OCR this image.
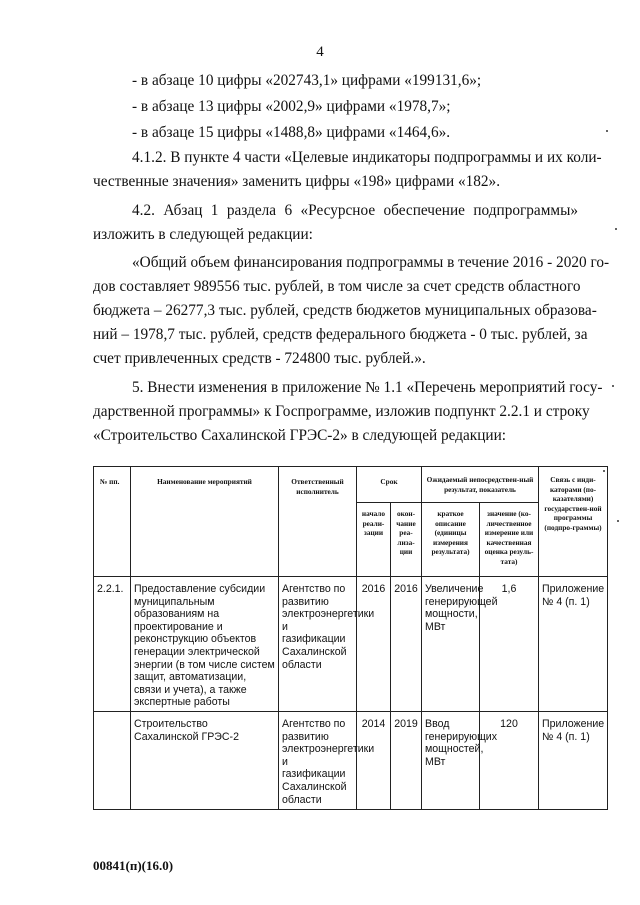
4
- в абзаце 10 цифры «202743,1» цифрами «199131,6»;
- в абзаце 13 цифры «2002,9» цифрами «1978,7»;
- в абзаце 15 цифры «1488,8» цифрами «1464,6».
4.1.2. В пункте 4 части «Целевые индикаторы подпрограммы и их коли-
чественные значения» заменить цифры «198» цифрами «182».
4.2. Абзац 1 раздела 6 «Ресурсное обеспечение подпрограммы»
изложить в следующей редакции:
«Общий объем финансирования подпрограммы в течение 2016 - 2020 го-
дов составляет 989556 тыс. рублей, в том числе за счет средств областного
бюджета – 26277,3 тыс. рублей, средств бюджетов муниципальных образова-
ний – 1978,7 тыс. рублей, средств федерального бюджета - 0 тыс. рублей, за
счет привлеченных средств - 724800 тыс. рублей.».
5. Внести изменения в приложение № 1.1 «Перечень мероприятий госу-
дарственной программы» к Госпрограмме, изложив подпункт 2.2.1 и строку
«Строительство Сахалинской ГРЭС-2» в следующей редакции:
№ пп.	Наименование мероприятий	Ответственный исполнитель	Срок		Ожидаемый непосредствен-ный результат, показатель		Связь с инди-каторами (по-казателями) государствен-ной программы (подпро-граммы)
			начало реали-зации	окон-чание реа-лиза-ции	краткое описание (единицы измерения результата)	значение (ко-личественное измерение или качественная оценка резуль-тата)	
2.2.1.	Предоставление субсидии муниципальным образованиям на проектирование и реконструкцию объектов генерации электрической энергии (в том числе систем защит, автоматизации, связи и учета), а также экспертные работы	Агентство по развитию электроэнергетики и газификации Сахалинской области	2016	2016	Увеличение генерирующей мощности, МВт	1,6	Приложение № 4 (п. 1)
	Строительство Сахалинской ГРЭС-2	Агентство по развитию электроэнергетики и газификации Сахалинской области	2014	2019	Ввод генерирующих мощностей, МВт	120	Приложение № 4 (п. 1)
00841(п)(16.0)
